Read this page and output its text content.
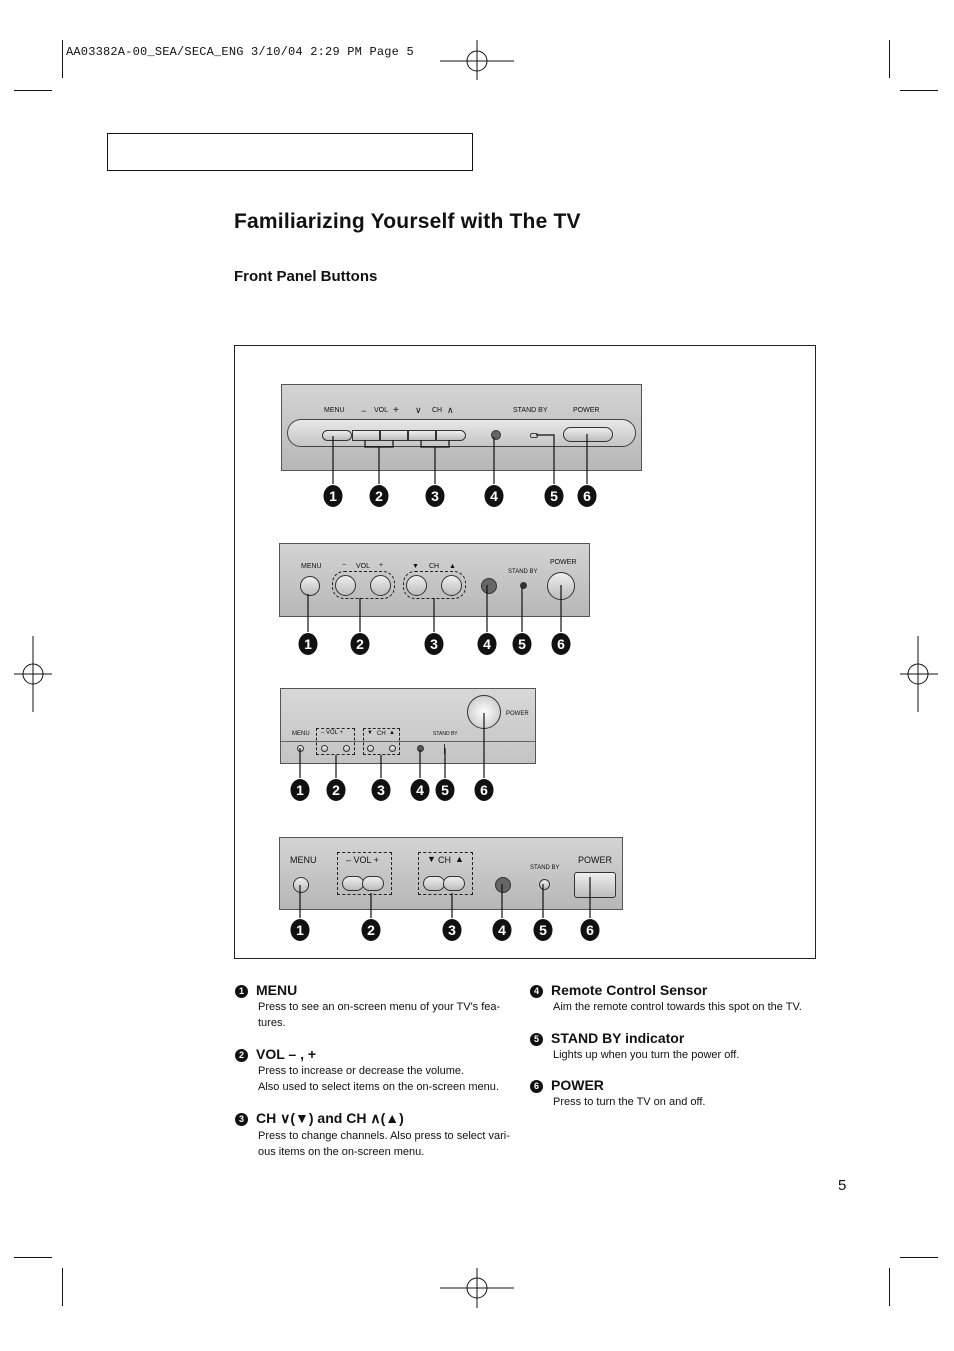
AA03382A-00_SEA/SECA_ENG 3/10/04 2:29 PM Page 5
Familiarizing Yourself with The TV
Front Panel Buttons
MENU − VOL + ∨ CH ∧	STAND BY	POWER
MENU	− VOL +	▼ CH ▲
STAND BY
POWER
MENU – VOL +	▼ CH ▲	STAND BY
POWER
MENU	– VOL +	▼ CH ▲
STAND BY
POWER
1	2	3	4	5	6
1	2	3	4	5	6
1	2	3	4	5	6
1	2	3	4	5	6
1 MENU
Press to see an on-screen menu of your TV's fea-
tures.
2 VOL – , +
Press to increase or decrease the volume.
Also used to select items on the on-screen menu.
3 CH ∨(▼) and CH ∧(▲)
Press to change channels. Also press to select vari-
ous items on the on-screen menu.
4 Remote Control Sensor
Aim the remote control towards this spot on the TV.
5 STAND BY indicator
Lights up when you turn the power off.
6 POWER
Press to turn the TV on and off.
5
